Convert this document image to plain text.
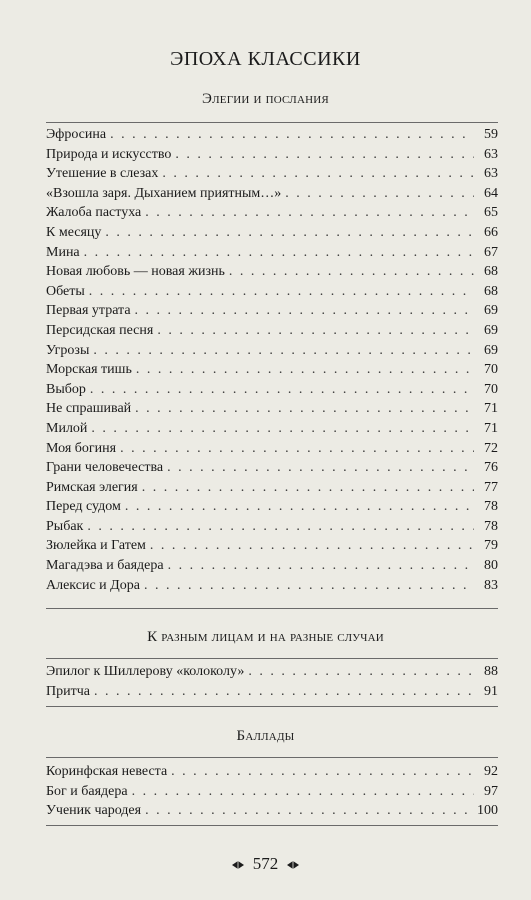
ЭПОХА КЛАССИКИ
Элегии и послания
Эфросина . . .	59
Природа и искусство . . .	63
Утешение в слезах . . .	63
«Взошла заря. Дыханием приятным…» . . .	64
Жалоба пастуха . . .	65
К месяцу . . .	66
Мина . . .	67
Новая любовь — новая жизнь . . .	68
Обеты . . .	68
Первая утрата . . .	69
Персидская песня . . .	69
Угрозы . . .	69
Морская тишь . . .	70
Выбор . . .	70
Не спрашивай . . .	71
Милой . . .	71
Моя богиня . . .	72
Грани человечества . . .	76
Римская элегия . . .	77
Перед судом . . .	78
Рыбак . . .	78
Зюлейка и Гатем . . .	79
Магадэва и баядера . . .	80
Алексис и Дора . . .	83
К разным лицам и на разные случаи
Эпилог к Шиллерову «колоколу» . . .	88
Притча . . .	91
Баллады
Коринфская невеста . . .	92
Бог и баядера . . .	97
Ученик чародея . . .	100
572
